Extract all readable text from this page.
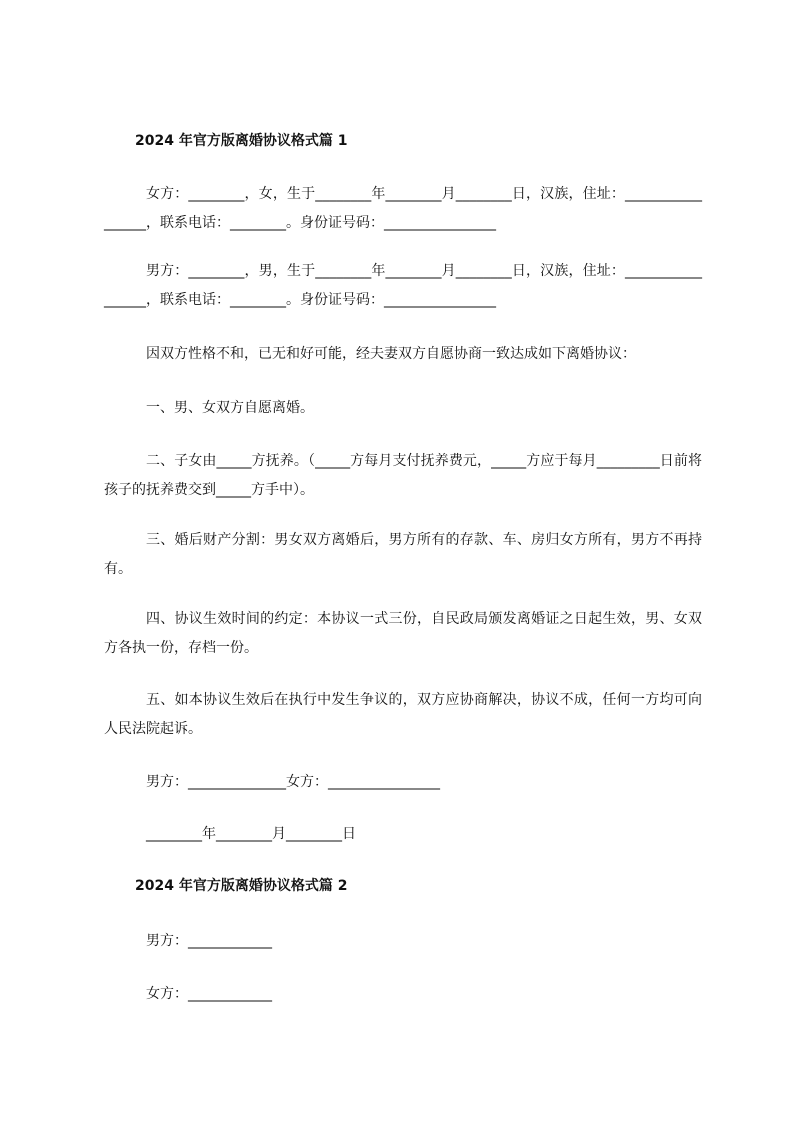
2024 年官方版离婚协议格式篇 1

女方：________，女，生于________年________月________日，汉族，住址：_________________，联系电话：________。身份证号码：________________

男方：________，男，生于________年________月________日，汉族，住址：_________________，联系电话：________。身份证号码：________________

因双方性格不和，已无和好可能，经夫妻双方自愿协商一致达成如下离婚协议：

一、男、女双方自愿离婚。

二、子女由_____方抚养。（_____方每月支付抚养费元，_____方应于每月_________日前将孩子的抚养费交到_____方手中）。

三、婚后财产分割：男女双方离婚后，男方所有的存款、车、房归女方所有，男方不再持有。

四、协议生效时间的约定：本协议一式三份，自民政局颁发离婚证之日起生效，男、女双方各执一份，存档一份。

五、如本协议生效后在执行中发生争议的，双方应协商解决，协议不成，任何一方均可向人民法院起诉。

男方：______________女方：________________

________年________月________日

2024 年官方版离婚协议格式篇 2

男方：____________

女方：____________
